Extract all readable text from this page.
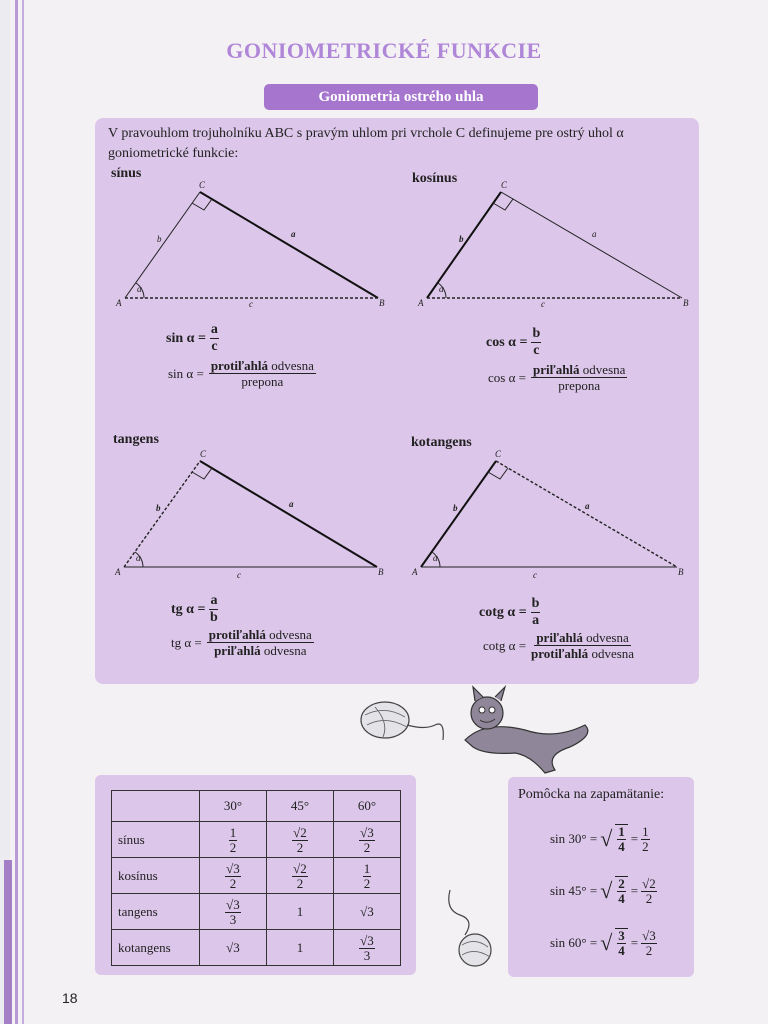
GONIOMETRICKÉ FUNKCIE
Goniometria ostrého uhla
V pravouhlom trojuholníku ABC s pravým uhlom pri vrchole C definujeme pre ostrý uhol α goniometrické funkcie:
sínus	kosínus
tangens	kotangens
A	B
C
a
b
c
α
A	B
C
a
b
c
α
A	B
C
a
b
c
α
A	B
C
a
b
c
α
$\sin \alpha = \frac{a}{c}$	$\cos \alpha = \frac{b}{c}$
tg $\alpha = \frac{a}{b}$	cotg $\alpha = \frac{b}{a}$
$\sin \alpha = \frac{\text{protiľahlá odvesna}}{\text{prepona}}$	$\cos \alpha = \frac{\text{priľahlá odvesna}}{\text{prepona}}$
tg $\alpha = \frac{\text{protiľahlá odvesna}}{\text{priľahlá odvesna}}$	cotg $\alpha = \frac{\text{priľahlá odvesna}}{\text{protiľahlá odvesna}}$
	30°	45°	60°
sínus	$\frac{1}{2}$	$\frac{√2}{2}$	$\frac{√3}{2}$

kosínus	$\frac{√3}{2}$	$\frac{√2}{2}$	$\frac{1}{2}$

tangens	$\frac{√3}{3}$	1	√3
kotangens	√3	1	$\frac{√3}{3}$
Pomôcka na zapamätanie:
sin 30° = √ $\frac{1}{4} = \frac{1}{2}$
sin 45° = √ $\frac{2}{4} = \frac{√2}{2}$
sin 60° = √ $\frac{3}{4} = \frac{√3}{2}$
18
